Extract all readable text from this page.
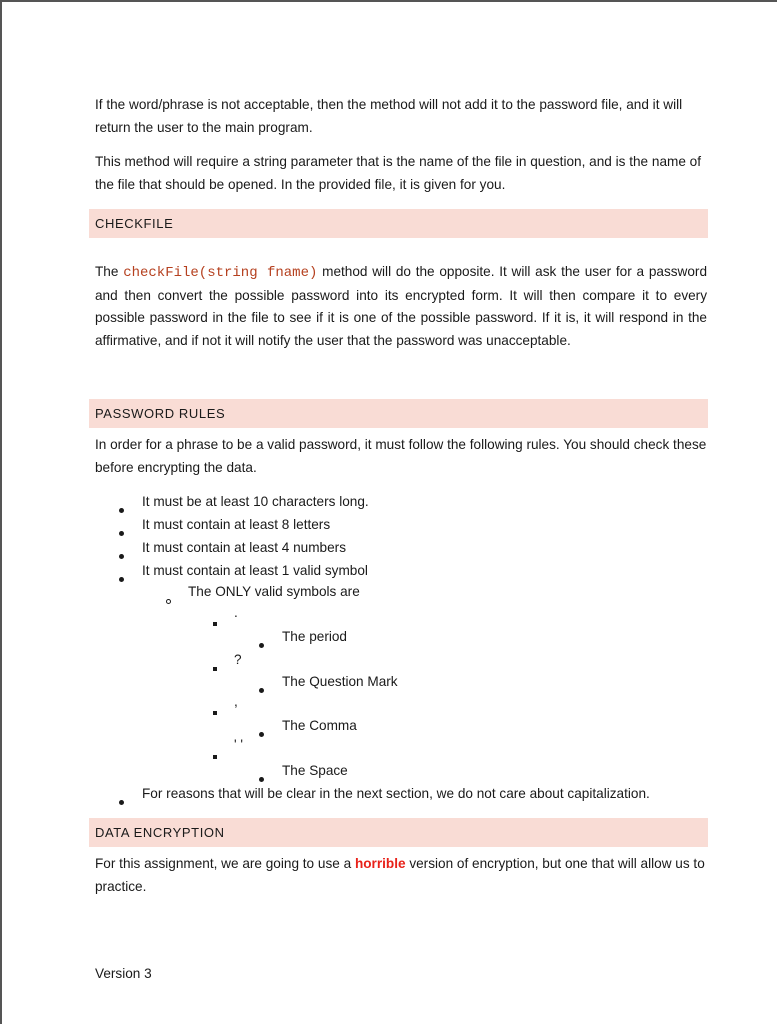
If the word/phrase is not acceptable, then the method will not add it to the password file, and it will return the user to the main program.

This method will require a string parameter that is the name of the file in question, and is the name of the file that should be opened. In the provided file, it is given for you.

CHECKFILE

The checkFile(string fname) method will do the opposite. It will ask the user for a password and then convert the possible password into its encrypted form. It will then compare it to every possible password in the file to see if it is one of the possible password. If it is, it will respond in the affirmative, and if not it will notify the user that the password was unacceptable.

PASSWORD RULES

In order for a phrase to be a valid password, it must follow the following rules. You should check these before encrypting the data.

It must be at least 10 characters long.
It must contain at least 8 letters
It must contain at least 4 numbers
It must contain at least 1 valid symbol
The ONLY valid symbols are
.
The period
?
The Question Mark
,
The Comma
' '
The Space
For reasons that will be clear in the next section, we do not care about capitalization.
DATA ENCRYPTION

For this assignment, we are going to use a horrible version of encryption, but one that will allow us to practice.

Version 3
